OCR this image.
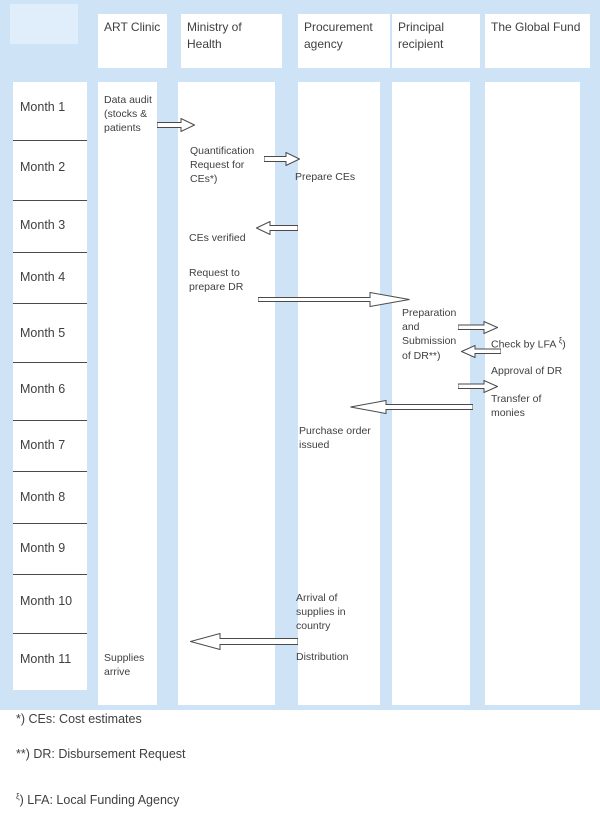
ART Clinic	Ministry of Health
Procurement agency
Principal recipient
The Global Fund
Month 1
Month 2
Month 3
Month 4
Month 5
Month 6
Month 7
Month 8
Month 9
Month 10
Month 11
Data audit (stocks & patients
Quantification Request for CEs*)	Prepare CEs
CEs verified
Request to prepare DR
Preparation and Submission of DR**)
Check by LFA $^\xi$)
Approval of DR
Transfer of monies
Purchase order issued
Arrival of supplies in country
Distribution
Supplies arrive
*) CEs: Cost estimates
**) DR: Disbursement Request
$^\xi$) LFA: Local Funding Agency
